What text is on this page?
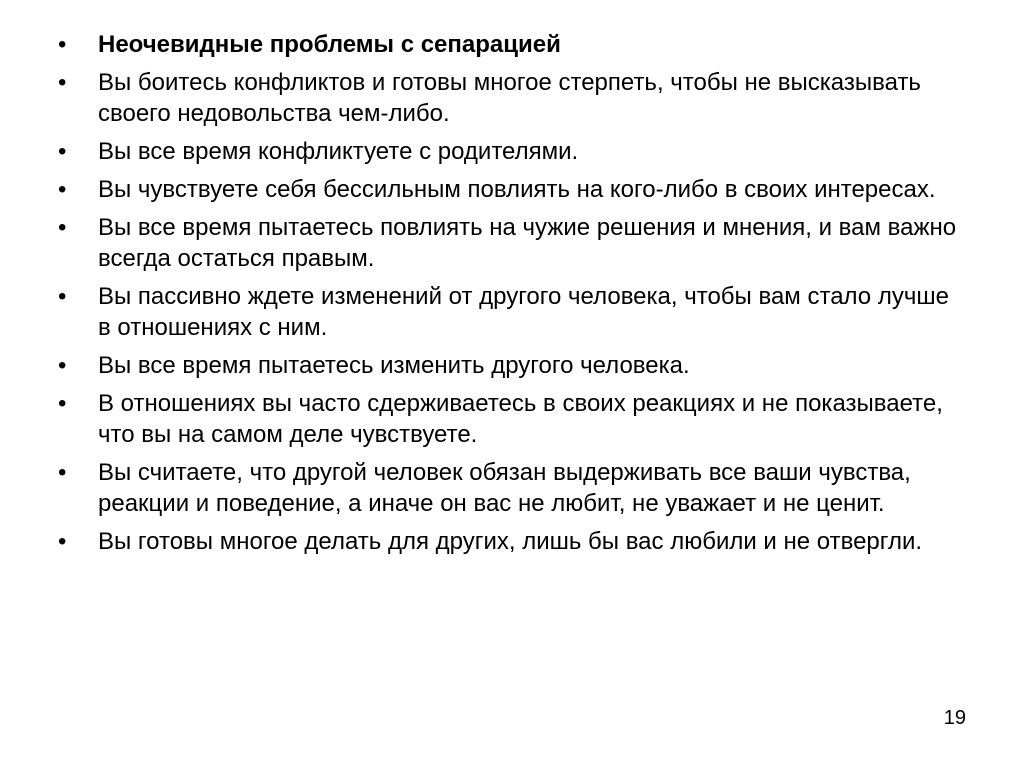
• Неочевидные проблемы с сепарацией
• Вы боитесь конфликтов и готовы многое стерпеть, чтобы не высказывать своего недовольства чем-либо.
• Вы все время конфликтуете с родителями.
• Вы чувствуете себя бессильным повлиять на кого-либо в своих интересах.
• Вы все время пытаетесь повлиять на чужие решения и мнения, и вам важно всегда остаться правым.
• Вы пассивно ждете изменений от другого человека, чтобы вам стало лучше в отношениях с ним.
• Вы все время пытаетесь изменить другого человека.
• В отношениях вы часто сдерживаетесь в своих реакциях и не показываете, что вы на самом деле чувствуете.
• Вы считаете, что другой человек обязан выдерживать все ваши чувства, реакции и поведение, а иначе он вас не любит, не уважает и не ценит.
• Вы готовы многое делать для других, лишь бы вас любили и не отвергли.
19
